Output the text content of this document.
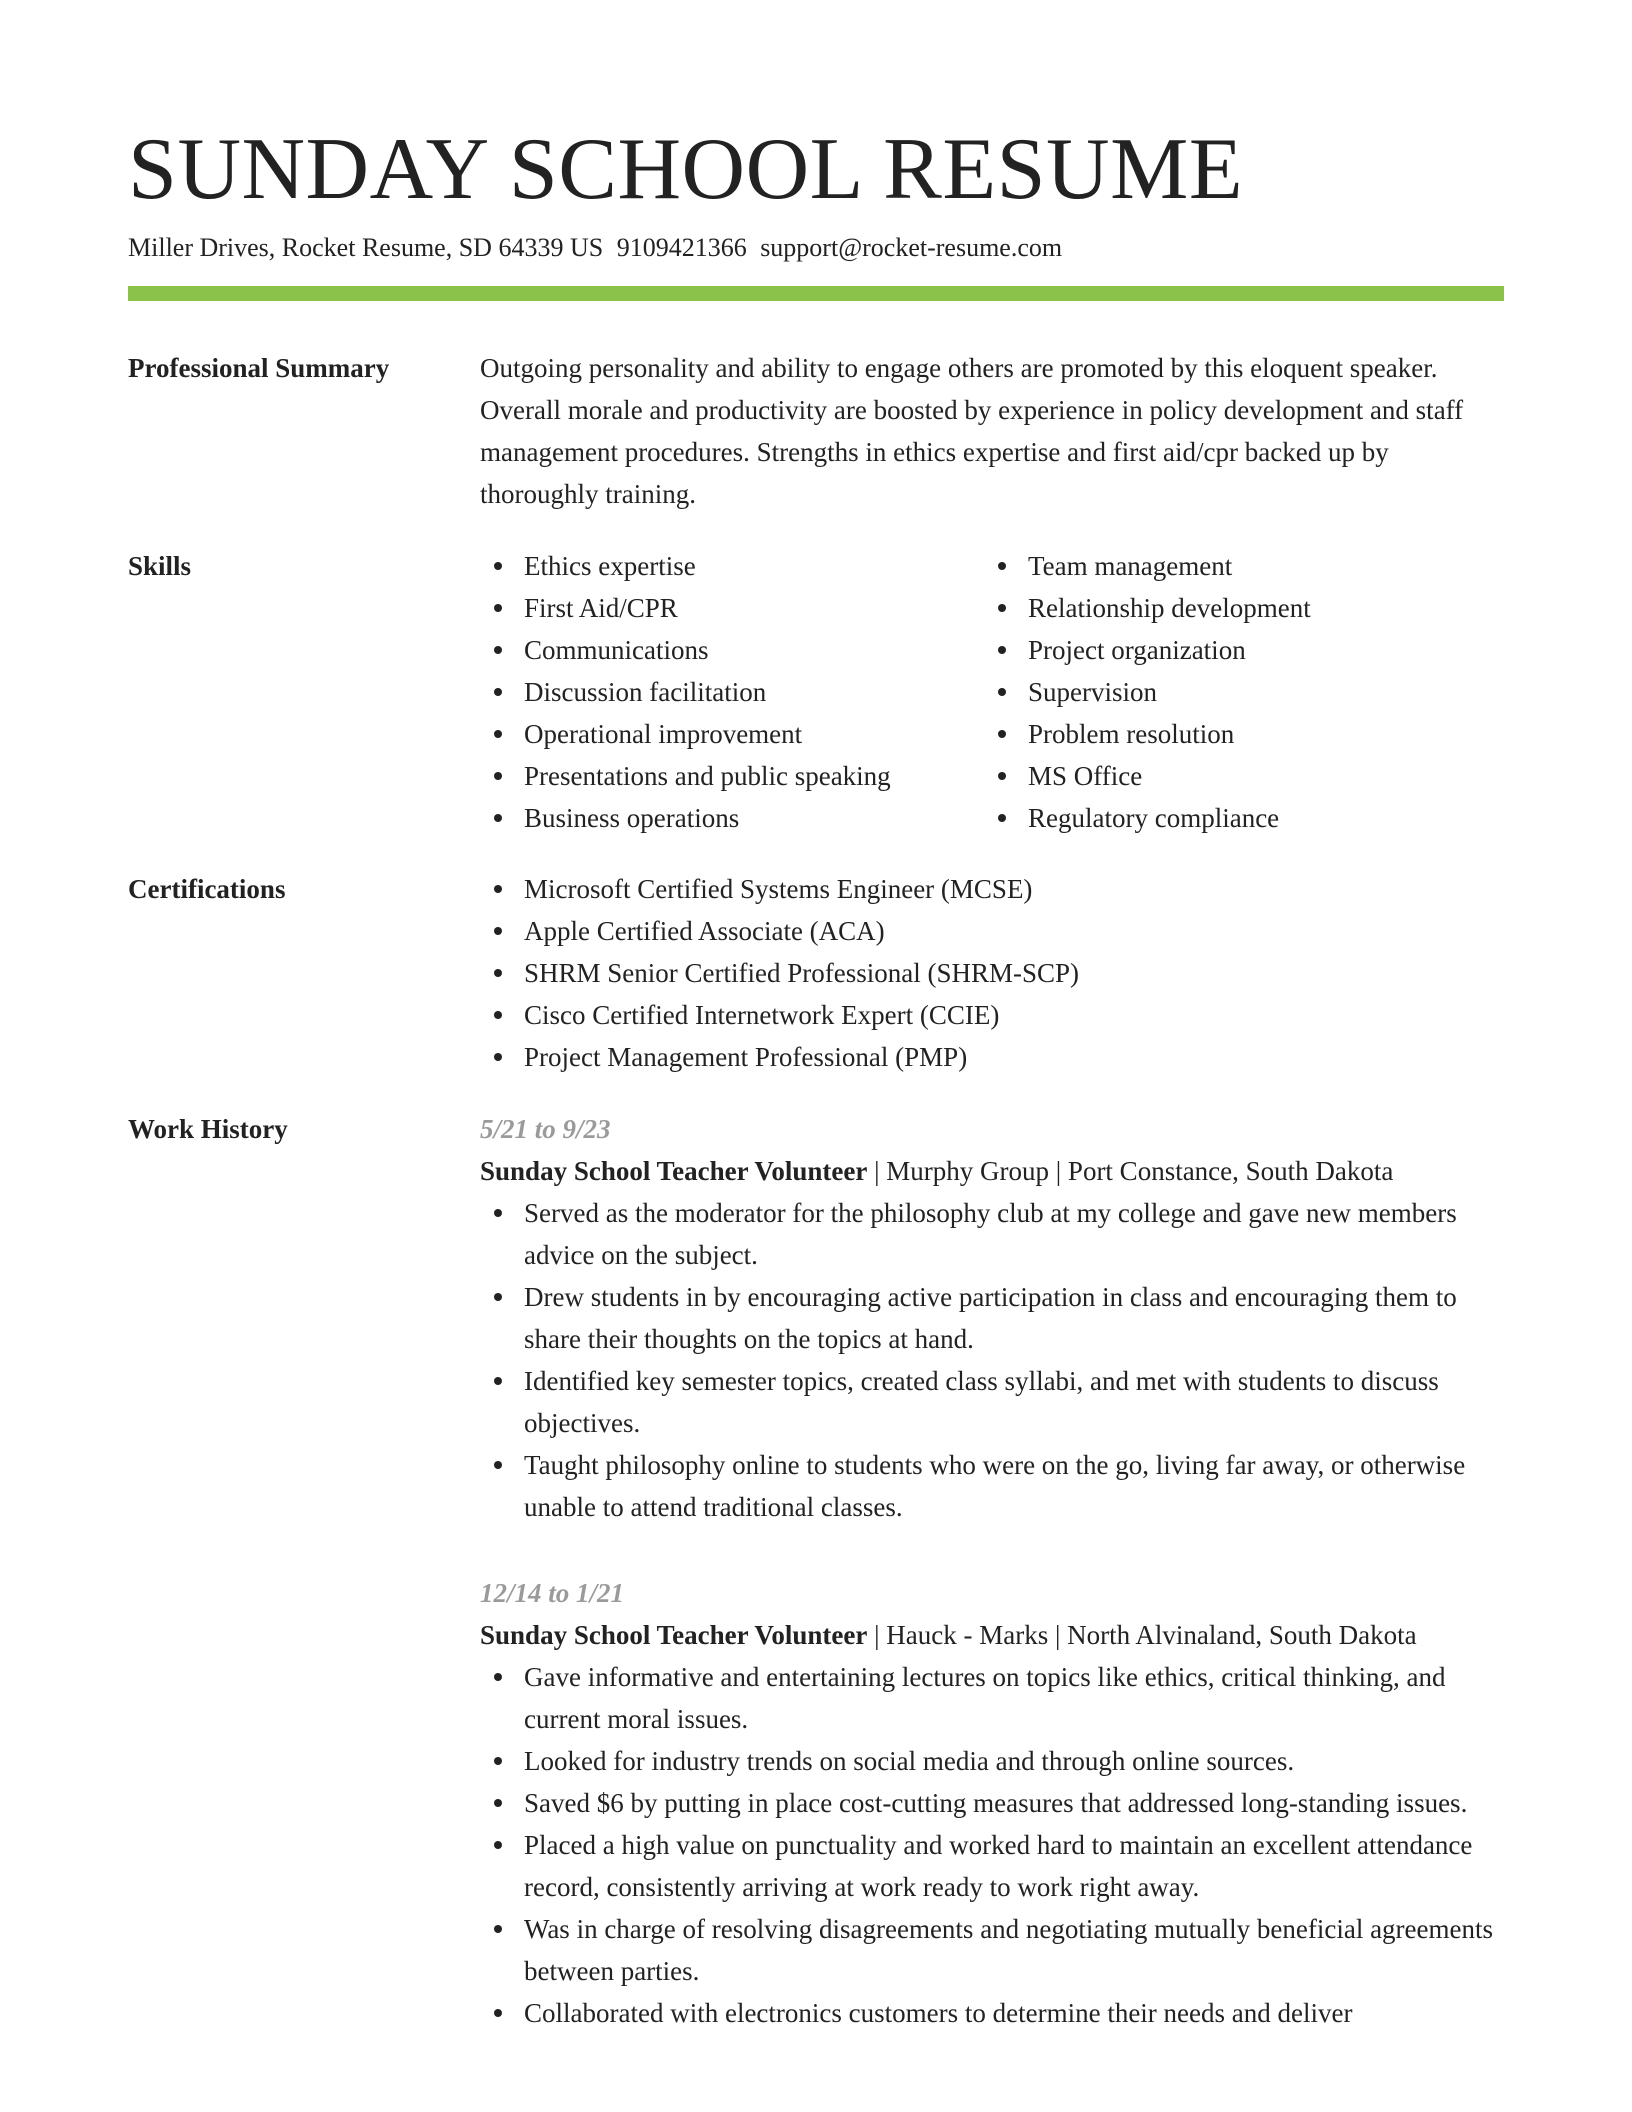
SUNDAY SCHOOL RESUME
Miller Drives, Rocket Resume, SD 64339 US 9109421366 support@rocket-resume.com
Professional Summary	Outgoing personality and ability to engage others are promoted by this eloquent speaker. Overall morale and productivity are boosted by experience in policy development and staff management procedures. Strengths in ethics expertise and first aid/cpr backed up by thoroughly training.

Skills	Ethics expertise
First Aid/CPR
Communications
Discussion facilitation
Operational improvement
Presentations and public speaking
Business operations
Team management
Relationship development
Project organization
Supervision
Problem resolution
MS Office
Regulatory compliance
Certifications	Microsoft Certified Systems Engineer (MCSE)
Apple Certified Associate (ACA)
SHRM Senior Certified Professional (SHRM-SCP)
Cisco Certified Internetwork Expert (CCIE)
Project Management Professional (PMP)
Work History	5/21 to 9/23
Sunday School Teacher Volunteer | Murphy Group | Port Constance, South Dakota
Served as the moderator for the philosophy club at my college and gave new members advice on the subject.
Drew students in by encouraging active participation in class and encouraging them to share their thoughts on the topics at hand.
Identified key semester topics, created class syllabi, and met with students to discuss objectives.
Taught philosophy online to students who were on the go, living far away, or otherwise unable to attend traditional classes.
12/14 to 1/21
Sunday School Teacher Volunteer | Hauck - Marks | North Alvinaland, South Dakota
Gave informative and entertaining lectures on topics like ethics, critical thinking, and current moral issues.
Looked for industry trends on social media and through online sources.
Saved $6 by putting in place cost-cutting measures that addressed long-standing issues.
Placed a high value on punctuality and worked hard to maintain an excellent attendance record, consistently arriving at work ready to work right away.
Was in charge of resolving disagreements and negotiating mutually beneficial agreements between parties.
Collaborated with electronics customers to determine their needs and deliver
